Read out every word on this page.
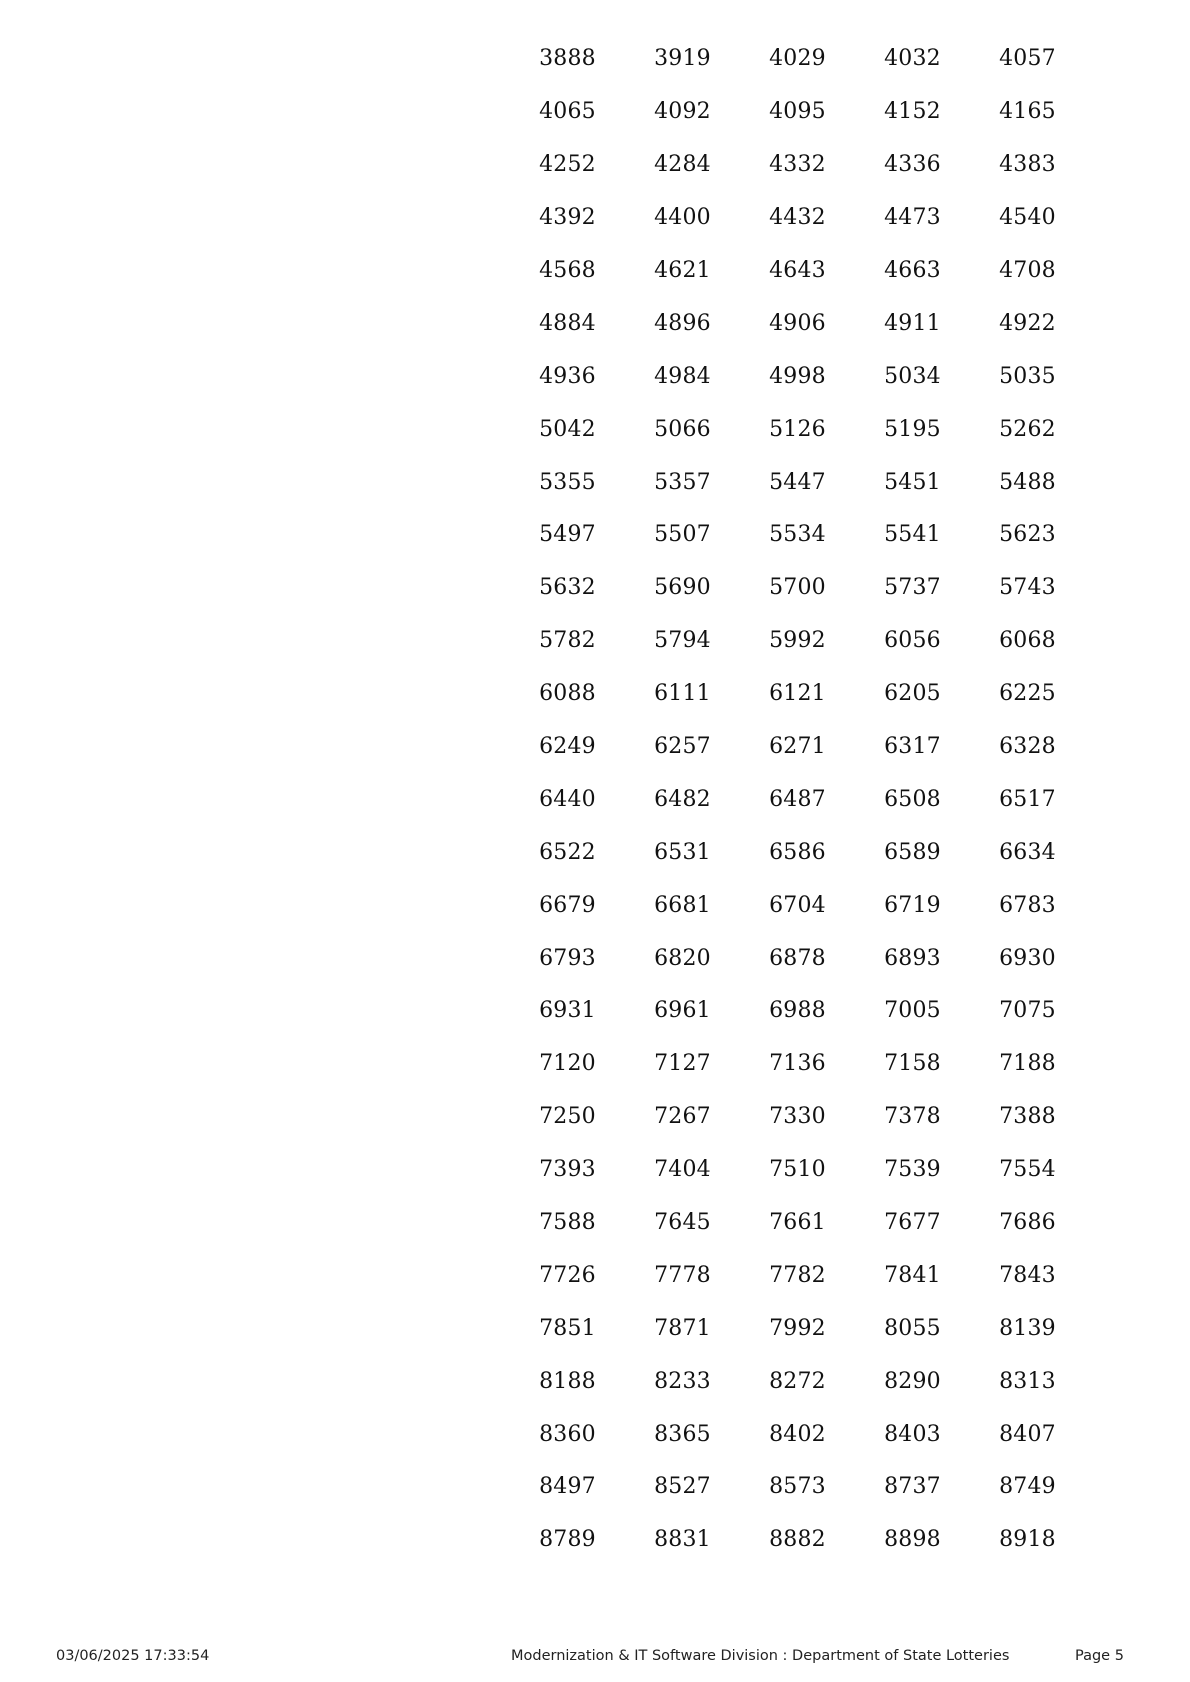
3888	3919	4029	4032	4057
4065	4092	4095	4152	4165
4252	4284	4332	4336	4383
4392	4400	4432	4473	4540
4568	4621	4643	4663	4708
4884	4896	4906	4911	4922
4936	4984	4998	5034	5035
5042	5066	5126	5195	5262
5355	5357	5447	5451	5488
5497	5507	5534	5541	5623
5632	5690	5700	5737	5743
5782	5794	5992	6056	6068
6088	6111	6121	6205	6225
6249	6257	6271	6317	6328
6440	6482	6487	6508	6517
6522	6531	6586	6589	6634
6679	6681	6704	6719	6783
6793	6820	6878	6893	6930
6931	6961	6988	7005	7075
7120	7127	7136	7158	7188
7250	7267	7330	7378	7388
7393	7404	7510	7539	7554
7588	7645	7661	7677	7686
7726	7778	7782	7841	7843
7851	7871	7992	8055	8139
8188	8233	8272	8290	8313
8360	8365	8402	8403	8407
8497	8527	8573	8737	8749
8789	8831	8882	8898	8918
03/06/2025 17:33:54	Modernization & IT Software Division : Department of State Lotteries	Page 5
